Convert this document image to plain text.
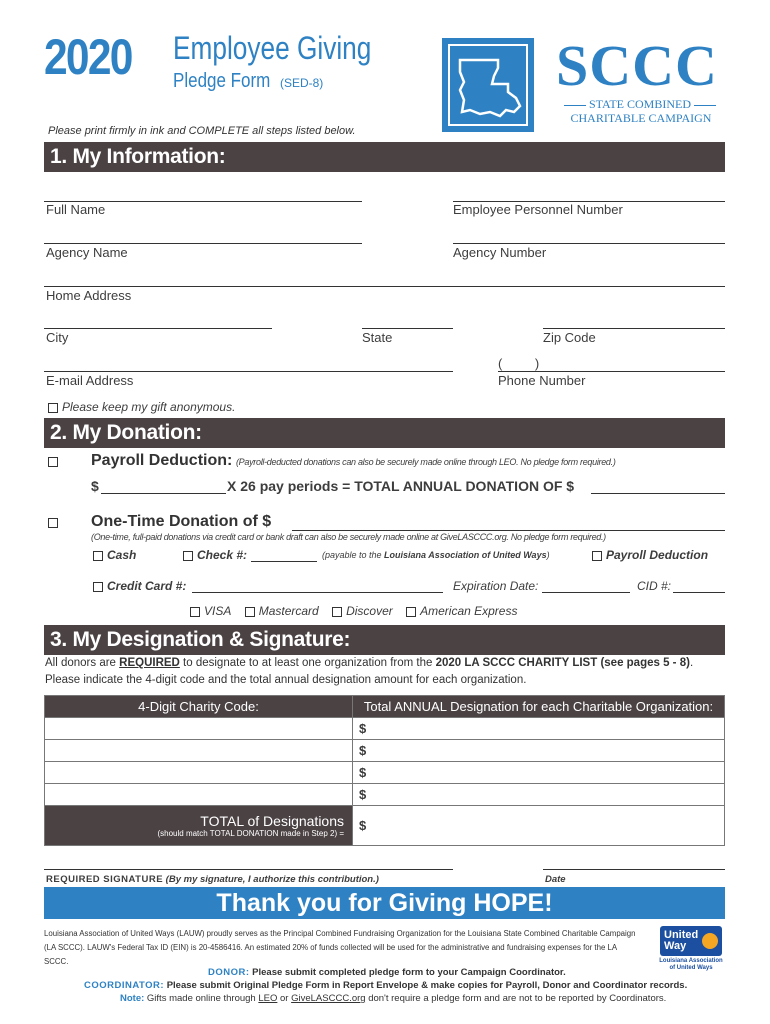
2020 Employee Giving
Pledge Form (SED-8)
Please print firmly in ink and COMPLETE all steps listed below.
SCCC
STATE COMBINED
CHARITABLE CAMPAIGN
1. My Information:
Full Name	Employee Personnel Number
Agency Name	Agency Number
Home Address
City	State	Zip Code
(         )
E-mail Address	Phone Number
Please keep my gift anonymous.
2. My Donation:
Payroll Deduction: (Payroll-deducted donations can also be securely made online through LEO. No pledge form required.)
$	X 26 pay periods = TOTAL ANNUAL DONATION OF $
One-Time Donation of $
(One-time, full-paid donations via credit card or bank draft can also be securely made online at GiveLASCCC.org. No pledge form required.)
Cash	Check #:	(payable to the Louisiana Association of United Ways)	Payroll Deduction
Credit Card #:	Expiration Date:	CID #:
VISA Mastercard Discover American Express
3. My Designation & Signature:
All donors are REQUIRED to designate to at least one organization from the 2020 LA SCCC CHARITY LIST (see pages 5 - 8).
Please indicate the 4-digit code and the total annual designation amount for each organization.
4-Digit Charity Code:	Total ANNUAL Designation for each Charitable Organization:
	$
	$
	$
	$

TOTAL of Designations
(should match TOTAL DONATION made in Step 2) =	$
REQUIRED SIGNATURE (By my signature, I authorize this contribution.)	Date
Thank you for Giving HOPE!
Louisiana Association of United Ways (LAUW) proudly serves as the Principal Combined Fundraising Organization for the Louisiana State Combined Charitable Campaign
(LA SCCC). LAUW's Federal Tax ID (EIN) is 20-4586416. An estimated 20% of funds collected will be used for the administrative and fundraising expenses for the LA SCCC.
United
Way
Louisiana Association
of United Ways
DONOR: Please submit completed pledge form to your Campaign Coordinator.
COORDINATOR: Please submit Original Pledge Form in Report Envelope & make copies for Payroll, Donor and Coordinator records.
Note: Gifts made online through LEO or GiveLASCCC.org don't require a pledge form and are not to be reported by Coordinators.
